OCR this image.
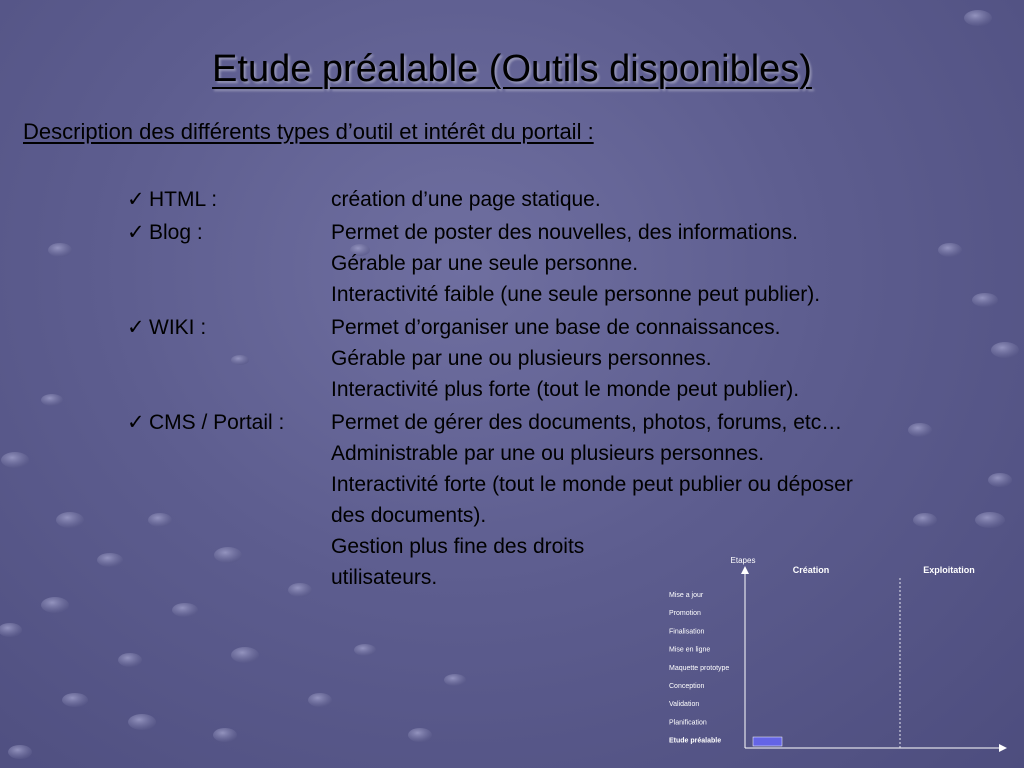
Etude préalable (Outils disponibles)
Description des différents types d’outil et intérêt du portail :
✓ HTML :	création d’une page statique.
✓ Blog :	Permet de poster des nouvelles, des informations.
Gérable par une seule personne.
Interactivité faible (une seule personne peut publier).
✓ WIKI :	Permet d’organiser une base de connaissances.
Gérable par une ou plusieurs personnes.
Interactivité plus forte (tout le monde peut publier).
✓ CMS / Portail : Permet de gérer des documents, photos, forums, etc…
Administrable par une ou plusieurs personnes.
Interactivité forte (tout le monde peut publier ou déposer
des documents).
Gestion plus fine des droits
utilisateurs.
Etapes
Création	Exploitation
Mise a jour
Promotion
Finalisation
Mise en ligne
Maquette prototype
Conception
Validation
Planification
Etude préalable
